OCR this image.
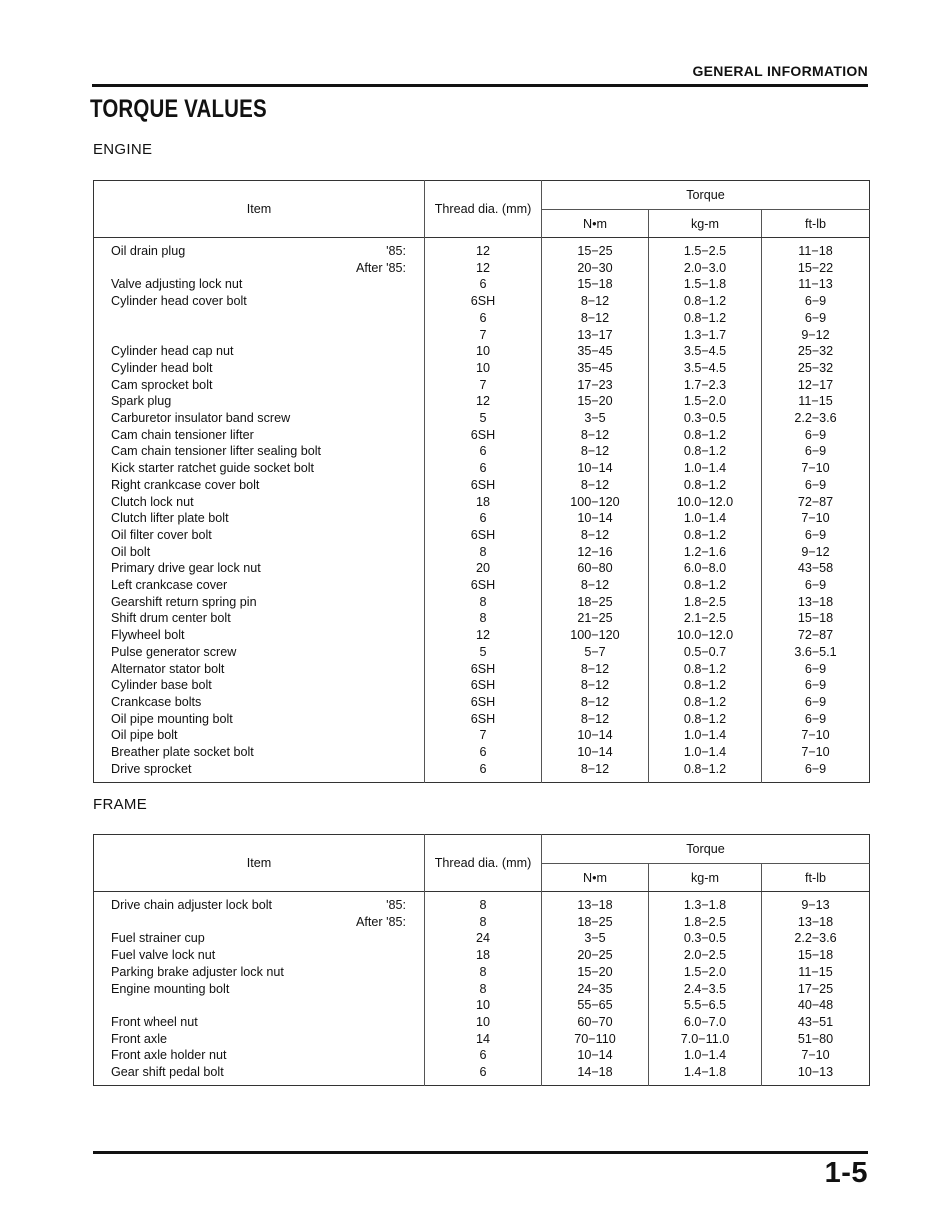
GENERAL INFORMATION
TORQUE VALUES
ENGINE
Item	Thread dia. (mm)	Torque		
		N•m	kg-m	ft-lb
Oil drain plug '85:	12	15−25	1.5−2.5	11−18

After '85:	12	20−30	2.0−3.0	15−22
Valve adjusting lock nut	6	15−18	1.5−1.8	11−13
Cylinder head cover bolt	6SH	8−12	0.8−1.2	6−9

	6	8−12	0.8−1.2	6−9

	7	13−17	1.3−1.7	9−12
Cylinder head cap nut	10	35−45	3.5−4.5	25−32
Cylinder head bolt	10	35−45	3.5−4.5	25−32
Cam sprocket bolt	7	17−23	1.7−2.3	12−17
Spark plug	12	15−20	1.5−2.0	11−15
Carburetor insulator band screw	5	3−5	0.3−0.5	2.2−3.6
Cam chain tensioner lifter	6SH	8−12	0.8−1.2	6−9
Cam chain tensioner lifter sealing bolt	6	8−12	0.8−1.2	6−9
Kick starter ratchet guide socket bolt	6	10−14	1.0−1.4	7−10
Right crankcase cover bolt	6SH	8−12	0.8−1.2	6−9
Clutch lock nut	18	100−120	10.0−12.0	72−87
Clutch lifter plate bolt	6	10−14	1.0−1.4	7−10
Oil filter cover bolt	6SH	8−12	0.8−1.2	6−9
Oil bolt	8	12−16	1.2−1.6	9−12
Primary drive gear lock nut	20	60−80	6.0−8.0	43−58
Left crankcase cover	6SH	8−12	0.8−1.2	6−9
Gearshift return spring pin	8	18−25	1.8−2.5	13−18
Shift drum center bolt	8	21−25	2.1−2.5	15−18
Flywheel bolt	12	100−120	10.0−12.0	72−87
Pulse generator screw	5	5−7	0.5−0.7	3.6−5.1
Alternator stator bolt	6SH	8−12	0.8−1.2	6−9
Cylinder base bolt	6SH	8−12	0.8−1.2	6−9
Crankcase bolts	6SH	8−12	0.8−1.2	6−9
Oil pipe mounting bolt	6SH	8−12	0.8−1.2	6−9
Oil pipe bolt	7	10−14	1.0−1.4	7−10
Breather plate socket bolt	6	10−14	1.0−1.4	7−10
Drive sprocket	6	8−12	0.8−1.2	6−9
FRAME
Item	Thread dia. (mm)	Torque		
		N•m	kg-m	ft-lb
Drive chain adjuster lock bolt '85:	8	13−18	1.3−1.8	9−13

After '85:	8	18−25	1.8−2.5	13−18
Fuel strainer cup	24	3−5	0.3−0.5	2.2−3.6
Fuel valve lock nut	18	20−25	2.0−2.5	15−18
Parking brake adjuster lock nut	8	15−20	1.5−2.0	11−15
Engine mounting bolt	8	24−35	2.4−3.5	17−25

	10	55−65	5.5−6.5	40−48
Front wheel nut	10	60−70	6.0−7.0	43−51
Front axle	14	70−110	7.0−11.0	51−80
Front axle holder nut	6	10−14	1.0−1.4	7−10
Gear shift pedal bolt	6	14−18	1.4−1.8	10−13
1-5
